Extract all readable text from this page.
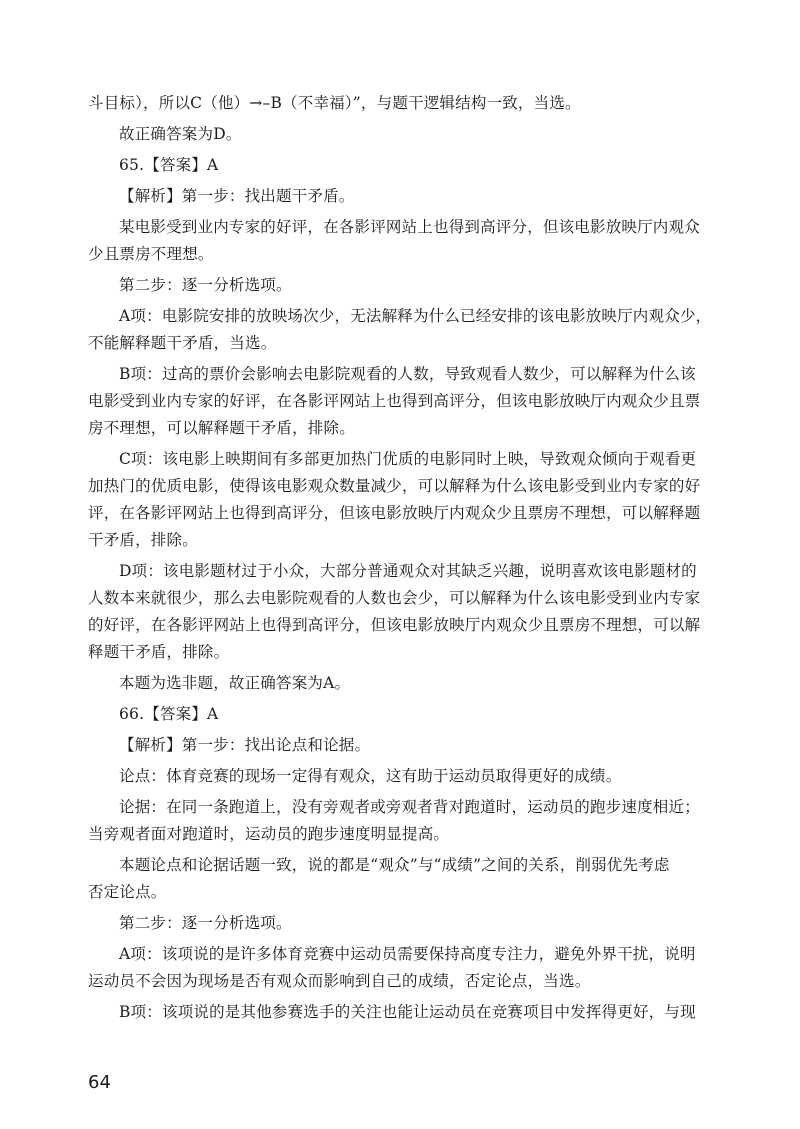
斗目标），所以C（他）→–B（不幸福）”，与题干逻辑结构一致，当选。
故正确答案为D。
65.【答案】A
【解析】第一步：找出题干矛盾。
某电影受到业内专家的好评，在各影评网站上也得到高评分，但该电影放映厅内观众
少且票房不理想。
第二步：逐一分析选项。
A项：电影院安排的放映场次少，无法解释为什么已经安排的该电影放映厅内观众少，
不能解释题干矛盾，当选。
B项：过高的票价会影响去电影院观看的人数，导致观看人数少，可以解释为什么该
电影受到业内专家的好评，在各影评网站上也得到高评分，但该电影放映厅内观众少且票
房不理想，可以解释题干矛盾，排除。
C项：该电影上映期间有多部更加热门优质的电影同时上映，导致观众倾向于观看更
加热门的优质电影，使得该电影观众数量减少，可以解释为什么该电影受到业内专家的好
评，在各影评网站上也得到高评分，但该电影放映厅内观众少且票房不理想，可以解释题
干矛盾，排除。
D项：该电影题材过于小众，大部分普通观众对其缺乏兴趣，说明喜欢该电影题材的
人数本来就很少，那么去电影院观看的人数也会少，可以解释为什么该电影受到业内专家
的好评，在各影评网站上也得到高评分，但该电影放映厅内观众少且票房不理想，可以解
释题干矛盾，排除。
本题为选非题，故正确答案为A。
66.【答案】A
【解析】第一步：找出论点和论据。
论点：体育竞赛的现场一定得有观众，这有助于运动员取得更好的成绩。
论据：在同一条跑道上，没有旁观者或旁观者背对跑道时，运动员的跑步速度相近；
当旁观者面对跑道时，运动员的跑步速度明显提高。
本题论点和论据话题一致，说的都是“观众”与“成绩”之间的关系，削弱优先考虑
否定论点。
第二步：逐一分析选项。
A项：该项说的是许多体育竞赛中运动员需要保持高度专注力，避免外界干扰，说明
运动员不会因为现场是否有观众而影响到自己的成绩，否定论点，当选。
B项：该项说的是其他参赛选手的关注也能让运动员在竞赛项目中发挥得更好，与现
64
